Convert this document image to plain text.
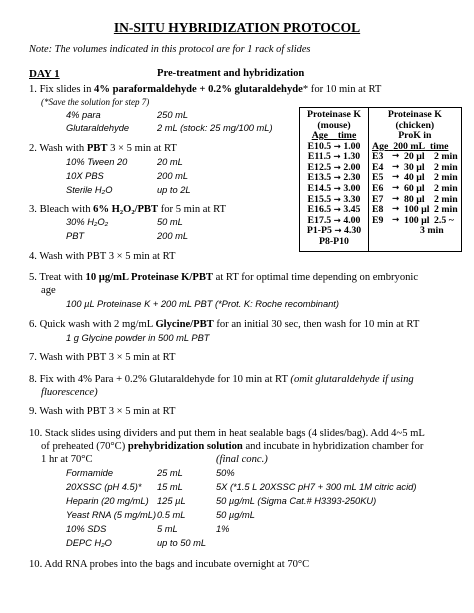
IN-SITU HYBRIDIZATION PROTOCOL
Note: The volumes indicated in this protocol are for 1 rack of slides
DAY 1	Pre-treatment and hybridization
1. Fix slides in 4% paraformaldehyde + 0.2% glutaraldehyde* for 10 min at RT
(*Save the solution for step 7)
4% para	250 mL
Glutaraldehyde	2 mL (stock: 25 mg/100 mL)
2. Wash with PBT 3 × 5 min at RT
10% Tween 20	20 mL
10X PBS	200 mL
Sterile H₂O	up to 2L
3. Bleach with 6% H₂O₂/PBT for 5 min at RT
30% H₂O₂	50 mL
PBT	200 mL
4. Wash with PBT 3 × 5 min at RT
5. Treat with 10 µg/mL Proteinase K/PBT at RT for optimal time depending on embryonic
age
100 µL Proteinase K + 200 mL PBT (*Prot. K: Roche recombinant)
6. Quick wash with 2 mg/mL Glycine/PBT for an initial 30 sec, then wash for 10 min at RT
1 g Glycine powder in 500 mL PBT
7. Wash with PBT 3 × 5 min at RT
8. Fix with 4% Para + 0.2% Glutaraldehyde for 10 min at RT (omit glutaraldehyde if using
fluorescence)
9. Wash with PBT 3 × 5 min at RT
10. Stack slides using dividers and put them in heat sealable bags (4 slides/bag). Add 4~5 mL
of preheated (70°C) prehybridization solution and incubate in hybridization chamber for
1 hr at 70°C	(final conc.)
Formamide	25 mL	50%
20XSSC (pH 4.5)* 15 mL	5X (*1.5 L 20XSSC pH7 + 300 mL 1M citric acid)
Heparin (20 mg/mL) 125 µL	50 µg/mL (Sigma Cat.# H3393-250KU)
Yeast RNA (5 mg/mL) 0.5 mL	50 µg/mL
10% SDS	5 mL	1%
DEPC H₂O	up to 50 mL
10. Add RNA probes into the bags and incubate overnight at 70°C
Proteinase K
(mouse)
Age time
E10.5 → 1.00
E11.5 → 1.30
E12.5 → 2.00
E13.5 → 2.30
E14.5 → 3.00
E15.5 → 3.30
E16.5 → 3.45
E17.5 → 4.00
P1-P5 → 4.30
P8-P10

Proteinase K
(chicken)
ProK in
Age 200 mL time
E3 → 20 µl 2 min
E4 → 30 µl 2 min
E5 → 40 µl 2 min
E6 → 60 µl 2 min
E7 → 80 µl 2 min
E8 → 100 µl 2 min
E9 → 100 µl 2.5 ~
3 min
